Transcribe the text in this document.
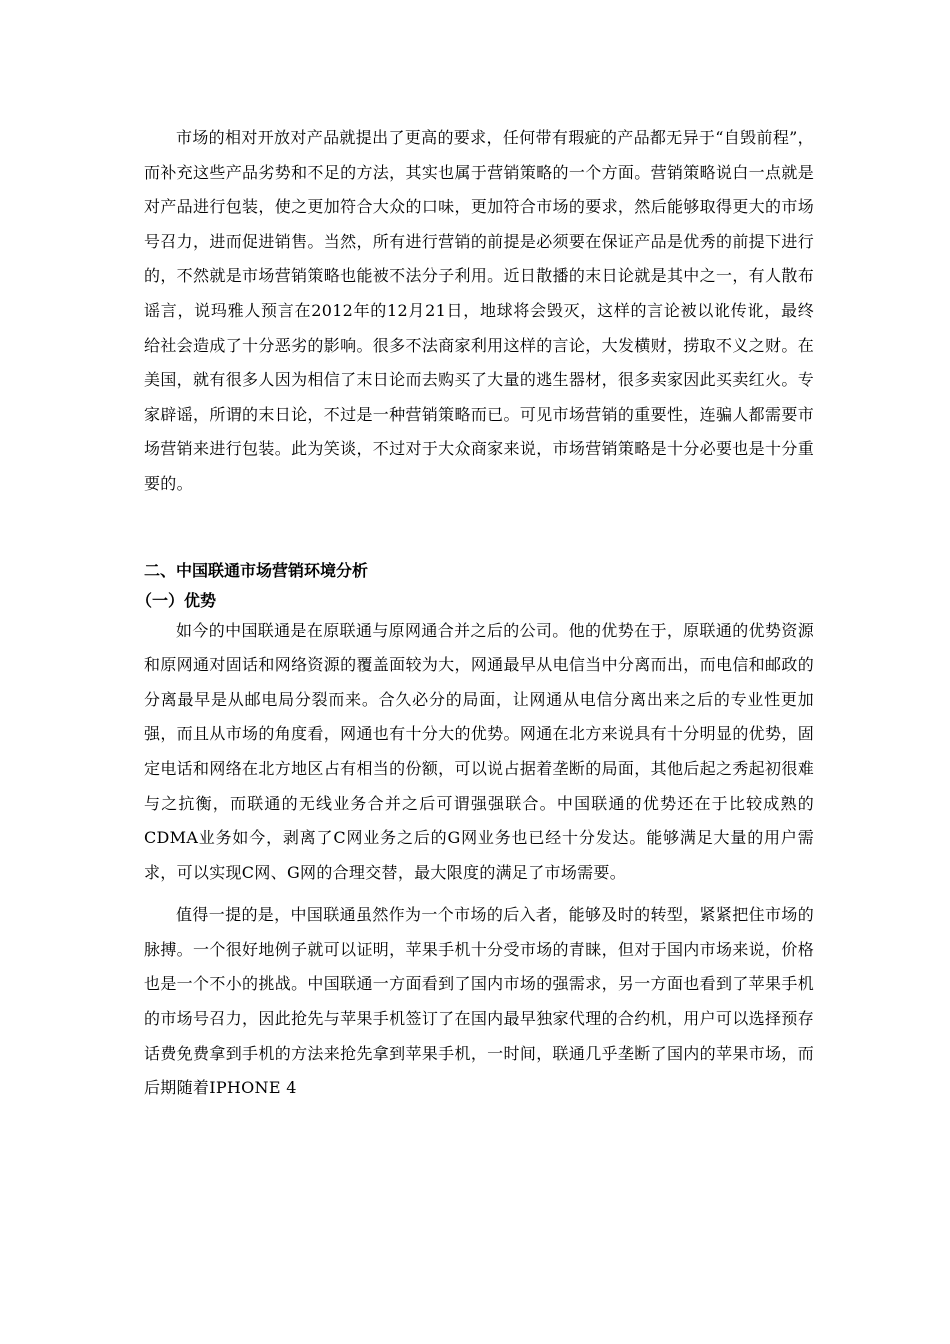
市场的相对开放对产品就提出了更高的要求，任何带有瑕疵的产品都无异于“自毁前程”，而补充这些产品劣势和不足的方法，其实也属于营销策略的一个方面。营销策略说白一点就是对产品进行包装，使之更加符合大众的口味，更加符合市场的要求，然后能够取得更大的市场号召力，进而促进销售。当然，所有进行营销的前提是必须要在保证产品是优秀的前提下进行的，不然就是市场营销策略也能被不法分子利用。近日散播的末日论就是其中之一，有人散布谣言，说玛雅人预言在2012年的12月21日，地球将会毁灭，这样的言论被以讹传讹，最终给社会造成了十分恶劣的影响。很多不法商家利用这样的言论，大发横财，捞取不义之财。在美国，就有很多人因为相信了末日论而去购买了大量的逃生器材，很多卖家因此买卖红火。专家辟谣，所谓的末日论，不过是一种营销策略而已。可见市场营销的重要性，连骗人都需要市场营销来进行包装。此为笑谈，不过对于大众商家来说，市场营销策略是十分必要也是十分重要的。

二、中国联通市场营销环境分析
（一）优势

如今的中国联通是在原联通与原网通合并之后的公司。他的优势在于，原联通的优势资源和原网通对固话和网络资源的覆盖面较为大，网通最早从电信当中分离而出，而电信和邮政的分离最早是从邮电局分裂而来。合久必分的局面，让网通从电信分离出来之后的专业性更加强，而且从市场的角度看，网通也有十分大的优势。网通在北方来说具有十分明显的优势，固定电话和网络在北方地区占有相当的份额，可以说占据着垄断的局面，其他后起之秀起初很难与之抗衡，而联通的无线业务合并之后可谓强强联合。中国联通的优势还在于比较成熟的CDMA业务如今，剥离了C网业务之后的G网业务也已经十分发达。能够满足大量的用户需求，可以实现C网、G网的合理交替，最大限度的满足了市场需要。

值得一提的是，中国联通虽然作为一个市场的后入者，能够及时的转型，紧紧把住市场的脉搏。一个很好地例子就可以证明，苹果手机十分受市场的青睐，但对于国内市场来说，价格也是一个不小的挑战。中国联通一方面看到了国内市场的强需求，另一方面也看到了苹果手机的市场号召力，因此抢先与苹果手机签订了在国内最早独家代理的合约机，用户可以选择预存话费免费拿到手机的方法来抢先拿到苹果手机，一时间，联通几乎垄断了国内的苹果市场，而后期随着IPHONE 4
